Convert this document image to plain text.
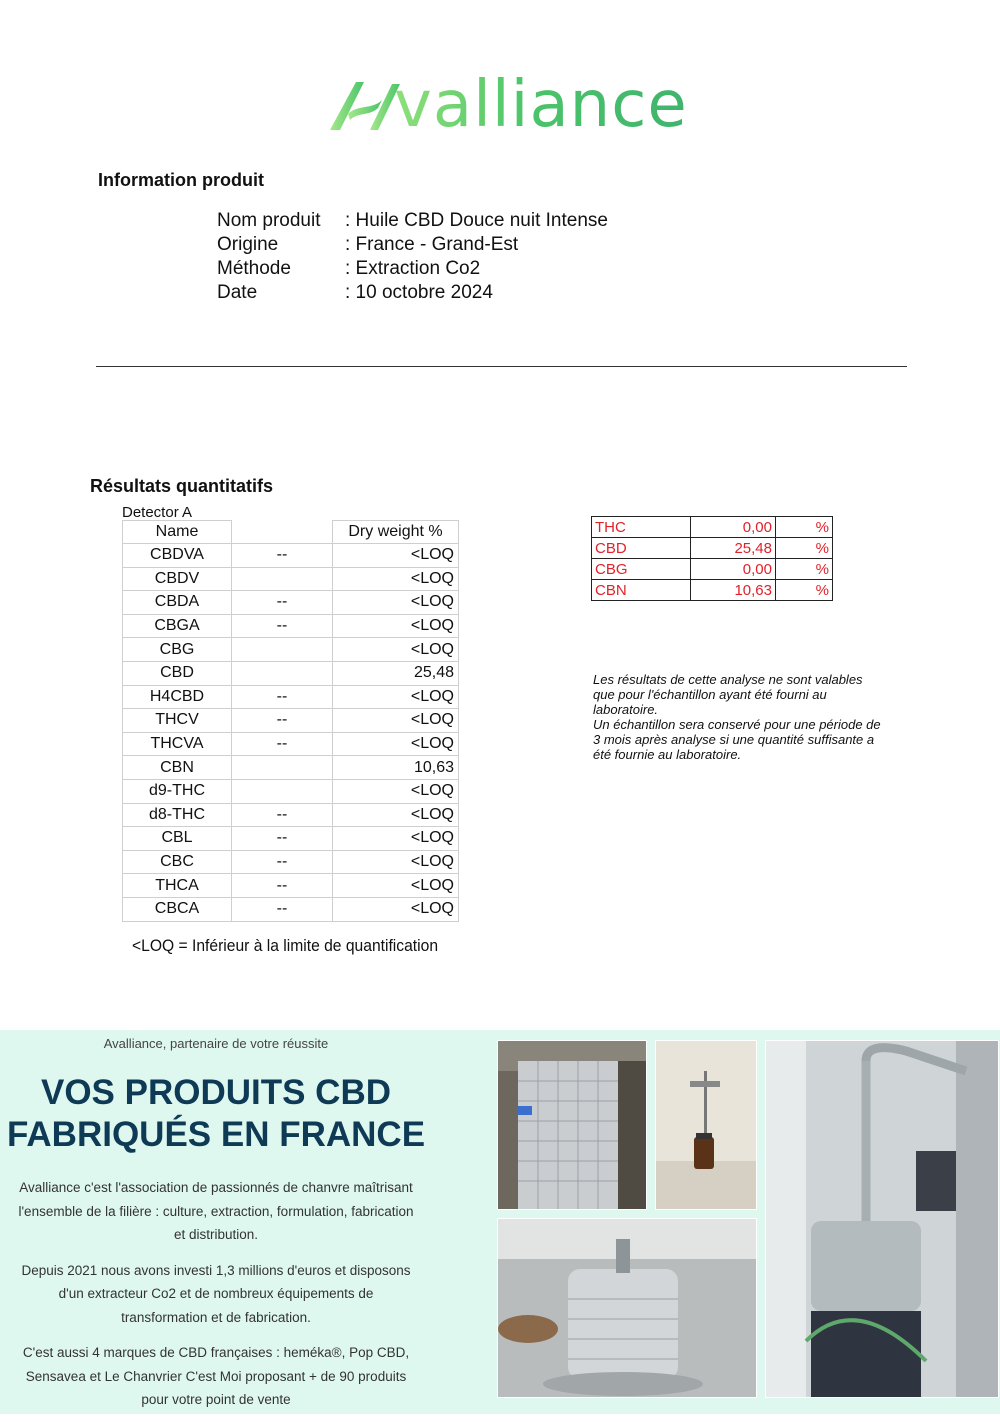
valliance
Information produit
Nom produit	: Huile CBD Douce nuit Intense
Origine	: France - Grand-Est
Méthode	: Extraction Co2
Date	: 10 octobre 2024
Résultats quantitatifs
Detector A
Name		Dry weight %
CBDVA	--	<LOQ
CBDV		<LOQ
CBDA	--	<LOQ
CBGA	--	<LOQ
CBG		<LOQ
CBD		25,48
H4CBD	--	<LOQ
THCV	--	<LOQ
THCVA	--	<LOQ
CBN		10,63
d9-THC		<LOQ
d8-THC	--	<LOQ
CBL	--	<LOQ
CBC	--	<LOQ
THCA	--	<LOQ
CBCA	--	<LOQ
<LOQ = Inférieur à la limite de quantification
THC	0,00	%
CBD	25,48	%
CBG	0,00	%
CBN	10,63	%

Les résultats de cette analyse ne sont valables que pour l'échantillon ayant été fourni au laboratoire.

Un échantillon sera conservé pour une période de 3 mois après analyse si une quantité suffisante a été fournie au laboratoire.

Avalliance, partenaire de votre réussite
VOS PRODUITS CBD
FABRIQUÉS EN FRANCE

Avalliance c'est l'association de passionnés de chanvre maîtrisant l'ensemble de la filière : culture, extraction, formulation, fabrication et distribution.

Depuis 2021 nous avons investi 1,3 millions d'euros et disposons d'un extracteur Co2 et de nombreux équipements de transformation et de fabrication.

C'est aussi 4 marques de CBD françaises : heméka®, Pop CBD, Sensavea et Le Chanvrier C'est Moi proposant + de 90 produits pour votre point de vente
